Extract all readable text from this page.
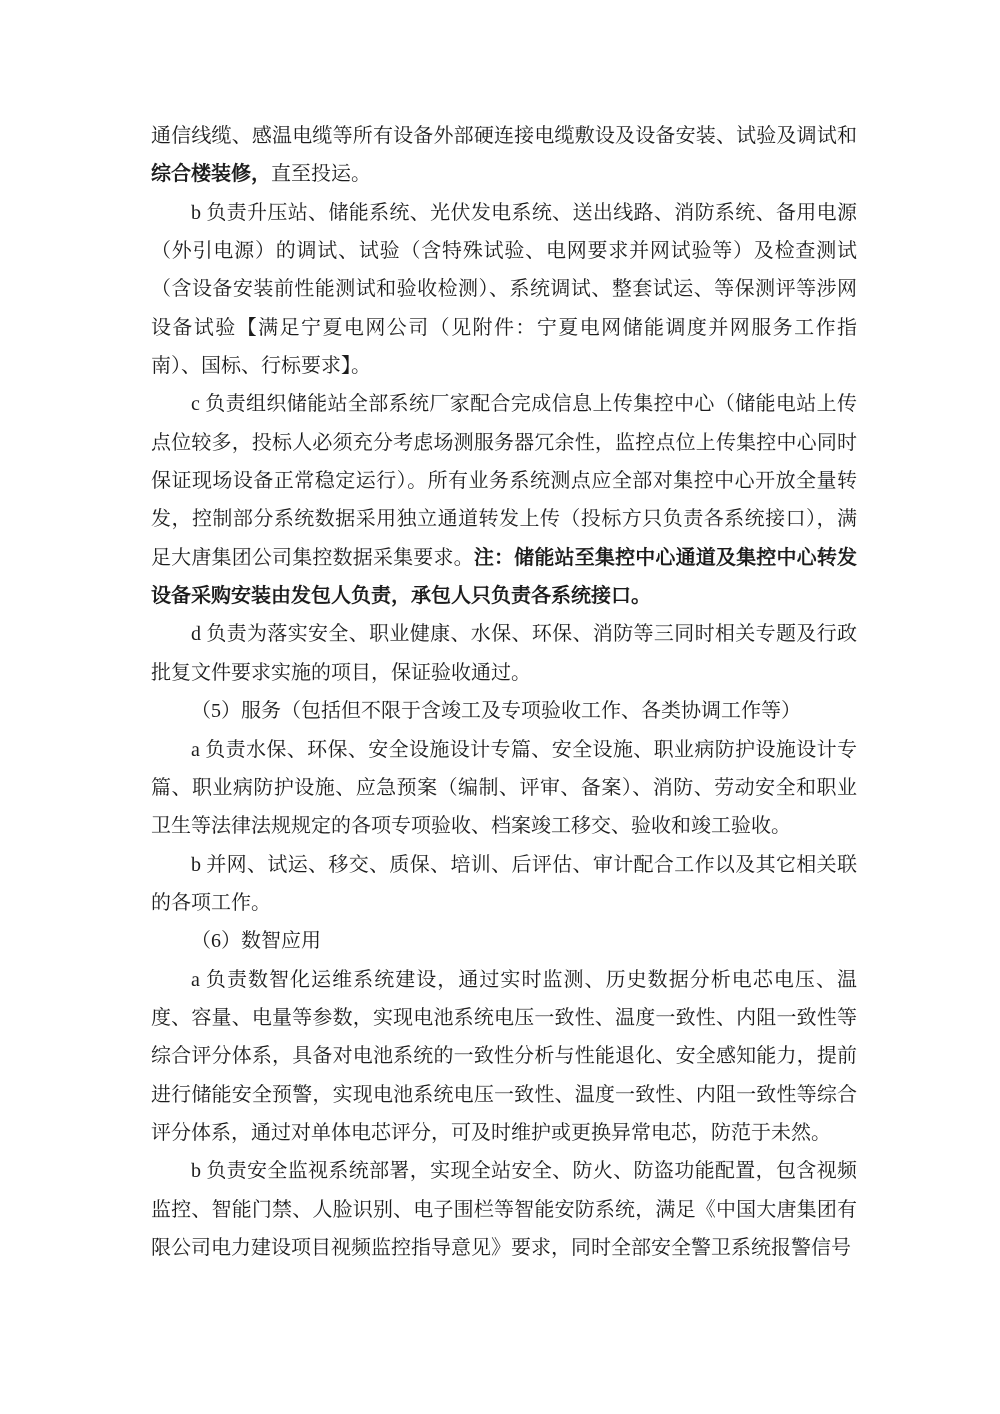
通信线缆、感温电缆等所有设备外部硬连接电缆敷设及设备安装、试验及调试和综合楼装修，直至投运。

b 负责升压站、储能系统、光伏发电系统、送出线路、消防系统、备用电源（外引电源）的调试、试验（含特殊试验、电网要求并网试验等）及检查测试（含设备安装前性能测试和验收检测）、系统调试、整套试运、等保测评等涉网设备试验【满足宁夏电网公司（见附件：宁夏电网储能调度并网服务工作指南）、国标、行标要求】。

c 负责组织储能站全部系统厂家配合完成信息上传集控中心（储能电站上传点位较多，投标人必须充分考虑场测服务器冗余性，监控点位上传集控中心同时保证现场设备正常稳定运行）。所有业务系统测点应全部对集控中心开放全量转发，控制部分系统数据采用独立通道转发上传（投标方只负责各系统接口），满足大唐集团公司集控数据采集要求。注：储能站至集控中心通道及集控中心转发设备采购安装由发包人负责，承包人只负责各系统接口。

d 负责为落实安全、职业健康、水保、环保、消防等三同时相关专题及行政批复文件要求实施的项目，保证验收通过。

（5）服务（包括但不限于含竣工及专项验收工作、各类协调工作等）

a 负责水保、环保、安全设施设计专篇、安全设施、职业病防护设施设计专篇、职业病防护设施、应急预案（编制、评审、备案）、消防、劳动安全和职业卫生等法律法规规定的各项专项验收、档案竣工移交、验收和竣工验收。

b 并网、试运、移交、质保、培训、后评估、审计配合工作以及其它相关联的各项工作。

（6）数智应用

a 负责数智化运维系统建设，通过实时监测、历史数据分析电芯电压、温度、容量、电量等参数，实现电池系统电压一致性、温度一致性、内阻一致性等综合评分体系，具备对电池系统的一致性分析与性能退化、安全感知能力，提前进行储能安全预警，实现电池系统电压一致性、温度一致性、内阻一致性等综合评分体系，通过对单体电芯评分，可及时维护或更换异常电芯，防范于未然。

b 负责安全监视系统部署，实现全站安全、防火、防盗功能配置，包含视频监控、智能门禁、人脸识别、电子围栏等智能安防系统，满足《中国大唐集团有限公司电力建设项目视频监控指导意见》要求，同时全部安全警卫系统报警信号
